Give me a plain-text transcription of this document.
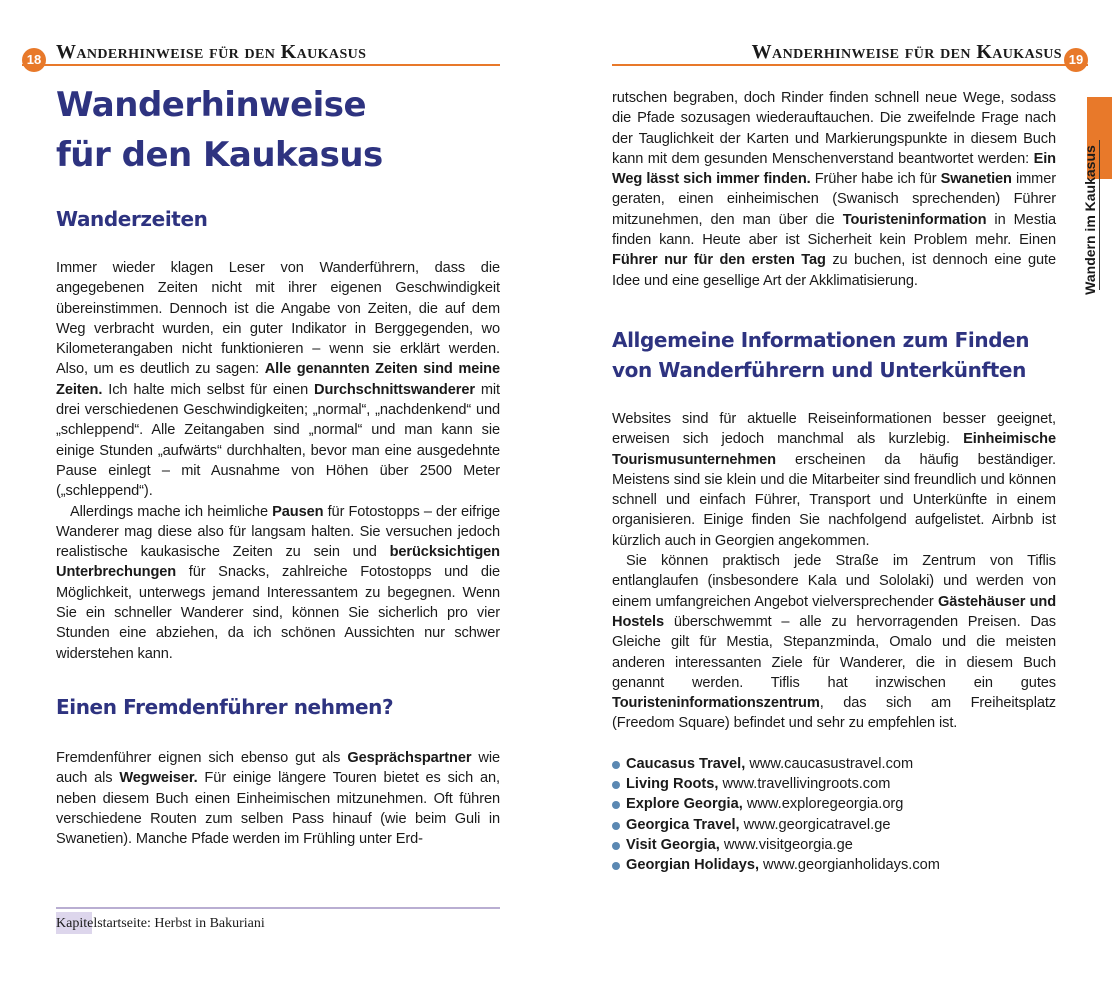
18 Wanderhinweise für den Kaukasus
Wanderhinweise
für den Kaukasus
Wanderzeiten

Immer wieder klagen Leser von Wanderführern, dass die angegebenen Zeiten nicht mit ihrer eigenen Geschwindigkeit übereinstimmen. Dennoch ist die Angabe von Zeiten, die auf dem Weg verbracht wurden, ein guter Indikator in Berggegenden, wo Kilometerangaben nicht funktionieren – wenn sie erklärt werden. Also, um es deutlich zu sagen: Alle genannten Zeiten sind meine Zeiten. Ich halte mich selbst für einen Durchschnittswanderer mit drei verschiedenen Geschwindigkeiten; „normal“, „nachdenkend“ und „schleppend“. Alle Zeitangaben sind „normal“ und man kann sie einige Stunden „aufwärts“ durchhalten, bevor man eine ausgedehnte Pause einlegt – mit Ausnahme von Höhen über 2500 Meter („schleppend“).

Allerdings mache ich heimliche Pausen für Fotostopps – der eifrige Wanderer mag diese also für langsam halten. Sie versuchen jedoch realistische kaukasische Zeiten zu sein und berücksichtigen Unterbrechungen für Snacks, zahlreiche Fotostopps und die Möglichkeit, unterwegs jemand Interessantem zu begegnen. Wenn Sie ein schneller Wanderer sind, können Sie sicherlich pro vier Stunden eine abziehen, da ich schönen Aussichten nur schwer widerstehen kann.

Einen Fremdenführer nehmen?

Fremdenführer eignen sich ebenso gut als Gesprächspartner wie auch als Wegweiser. Für einige längere Touren bietet es sich an, neben diesem Buch einen Einheimischen mitzunehmen. Oft führen verschiedene Routen zum selben Pass hinauf (wie beim Guli in Swanetien). Manche Pfade werden im Frühling unter Erd-

Kapitelstartseite: Herbst in Bakuriani
Wanderhinweise für den Kaukasus 19

rutschen begraben, doch Rinder finden schnell neue Wege, sodass die Pfade sozusagen wiederauftauchen. Die zweifelnde Frage nach der Tauglichkeit der Karten und Markierungspunkte in diesem Buch kann mit dem gesunden Menschenverstand beantwortet werden: Ein Weg lässt sich immer finden. Früher habe ich für Swanetien immer geraten, einen einheimischen (Swanisch sprechenden) Führer mitzunehmen, den man über die Touristeninformation in Mestia finden kann. Heute aber ist Sicherheit kein Problem mehr. Einen Führer nur für den ersten Tag zu buchen, ist dennoch eine gute Idee und eine gesellige Art der Akklimatisierung.

Allgemeine Informationen zum Finden
von Wanderführern und Unterkünften

Websites sind für aktuelle Reiseinformationen besser geeignet, erweisen sich jedoch manchmal als kurzlebig. Einheimische Tourismusunternehmen erscheinen da häufig beständiger. Meistens sind sie klein und die Mitarbeiter sind freundlich und können schnell und einfach Führer, Transport und Unterkünfte in einem organisieren. Einige finden Sie nachfolgend aufgelistet. Airbnb ist kürzlich auch in Georgien angekommen.

Sie können praktisch jede Straße im Zentrum von Tiflis entlanglaufen (insbesondere Kala und Sololaki) und werden von einem umfangreichen Angebot vielversprechender Gästehäuser und Hostels überschwemmt – alle zu hervorragenden Preisen. Das Gleiche gilt für Mestia, Stepanzminda, Omalo und die meisten anderen interessanten Ziele für Wanderer, die in diesem Buch genannt werden. Tiflis hat inzwischen ein gutes Touristeninformationszentrum, das sich am Freiheitsplatz (Freedom Square) befindet und sehr zu empfehlen ist.

Caucasus Travel, www.caucasustravel.com
Living Roots, www.travellivingroots.com
Explore Georgia, www.exploregeorgia.org
Georgica Travel, www.georgicatravel.ge
Visit Georgia, www.visitgeorgia.ge
Georgian Holidays, www.georgianholidays.com
Wandern im Kaukasus
